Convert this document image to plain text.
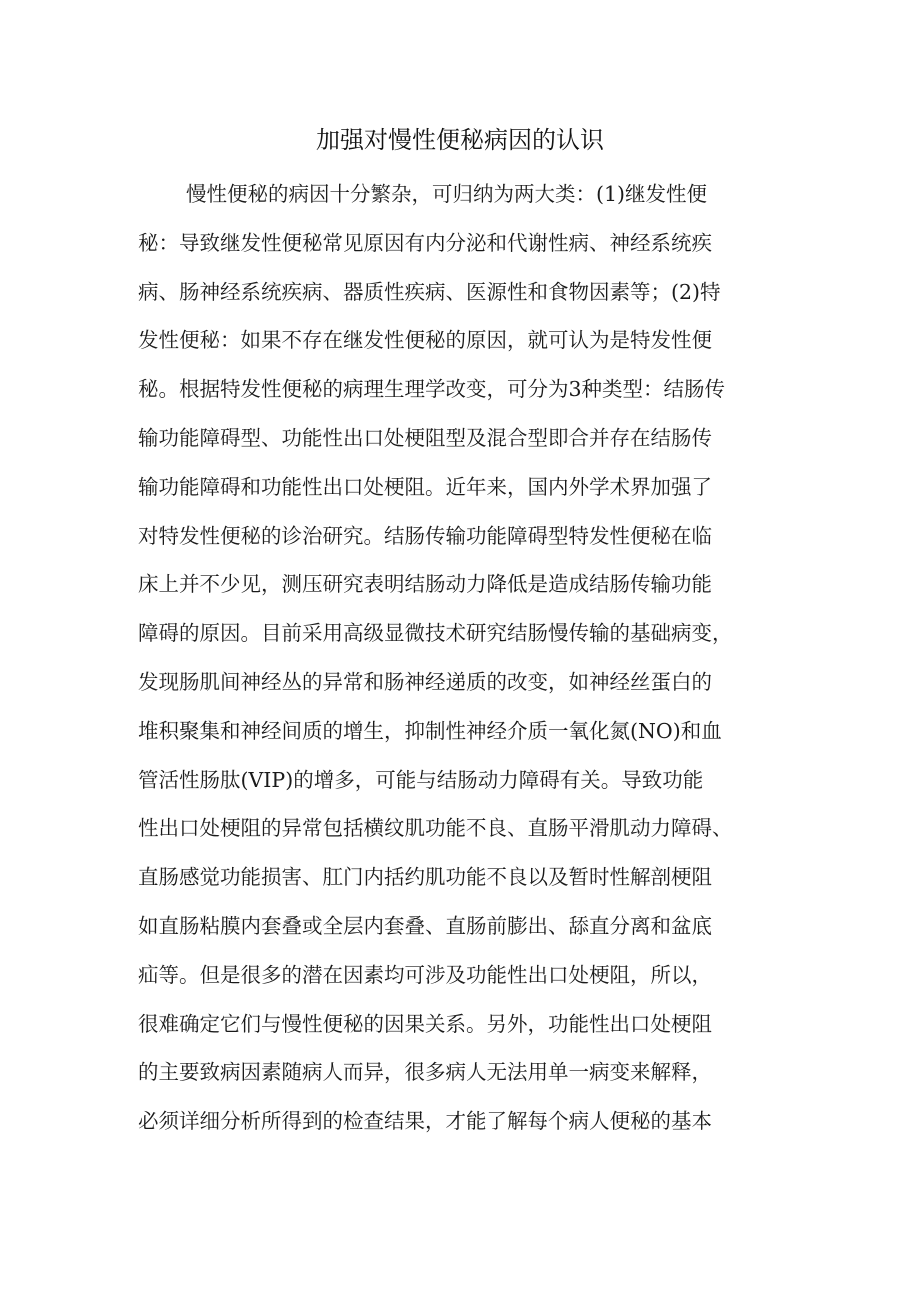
加强对慢性便秘病因的认识
慢性便秘的病因十分繁杂，可归纳为两大类：(1)继发性便
秘：导致继发性便秘常见原因有内分泌和代谢性病、神经系统疾
病、肠神经系统疾病、器质性疾病、医源性和食物因素等；(2)特
发性便秘：如果不存在继发性便秘的原因，就可认为是特发性便
秘。根据特发性便秘的病理生理学改变，可分为3种类型：结肠传
输功能障碍型、功能性出口处梗阻型及混合型即合并存在结肠传
输功能障碍和功能性出口处梗阻。近年来，国内外学术界加强了
对特发性便秘的诊治研究。结肠传输功能障碍型特发性便秘在临
床上并不少见，测压研究表明结肠动力降低是造成结肠传输功能
障碍的原因。目前采用高级显微技术研究结肠慢传输的基础病变，
发现肠肌间神经丛的异常和肠神经递质的改变，如神经丝蛋白的
堆积聚集和神经间质的增生，抑制性神经介质一氧化氮(NO)和血
管活性肠肽(VIP)的增多，可能与结肠动力障碍有关。导致功能
性出口处梗阻的异常包括横纹肌功能不良、直肠平滑肌动力障碍、
直肠感觉功能损害、肛门内括约肌功能不良以及暂时性解剖梗阻
如直肠粘膜内套叠或全层内套叠、直肠前膨出、舔直分离和盆底
疝等。但是很多的潜在因素均可涉及功能性出口处梗阻，所以，
很难确定它们与慢性便秘的因果关系。另外，功能性出口处梗阻
的主要致病因素随病人而异，很多病人无法用单一病变来解释，
必须详细分析所得到的检查结果，才能了解每个病人便秘的基本
